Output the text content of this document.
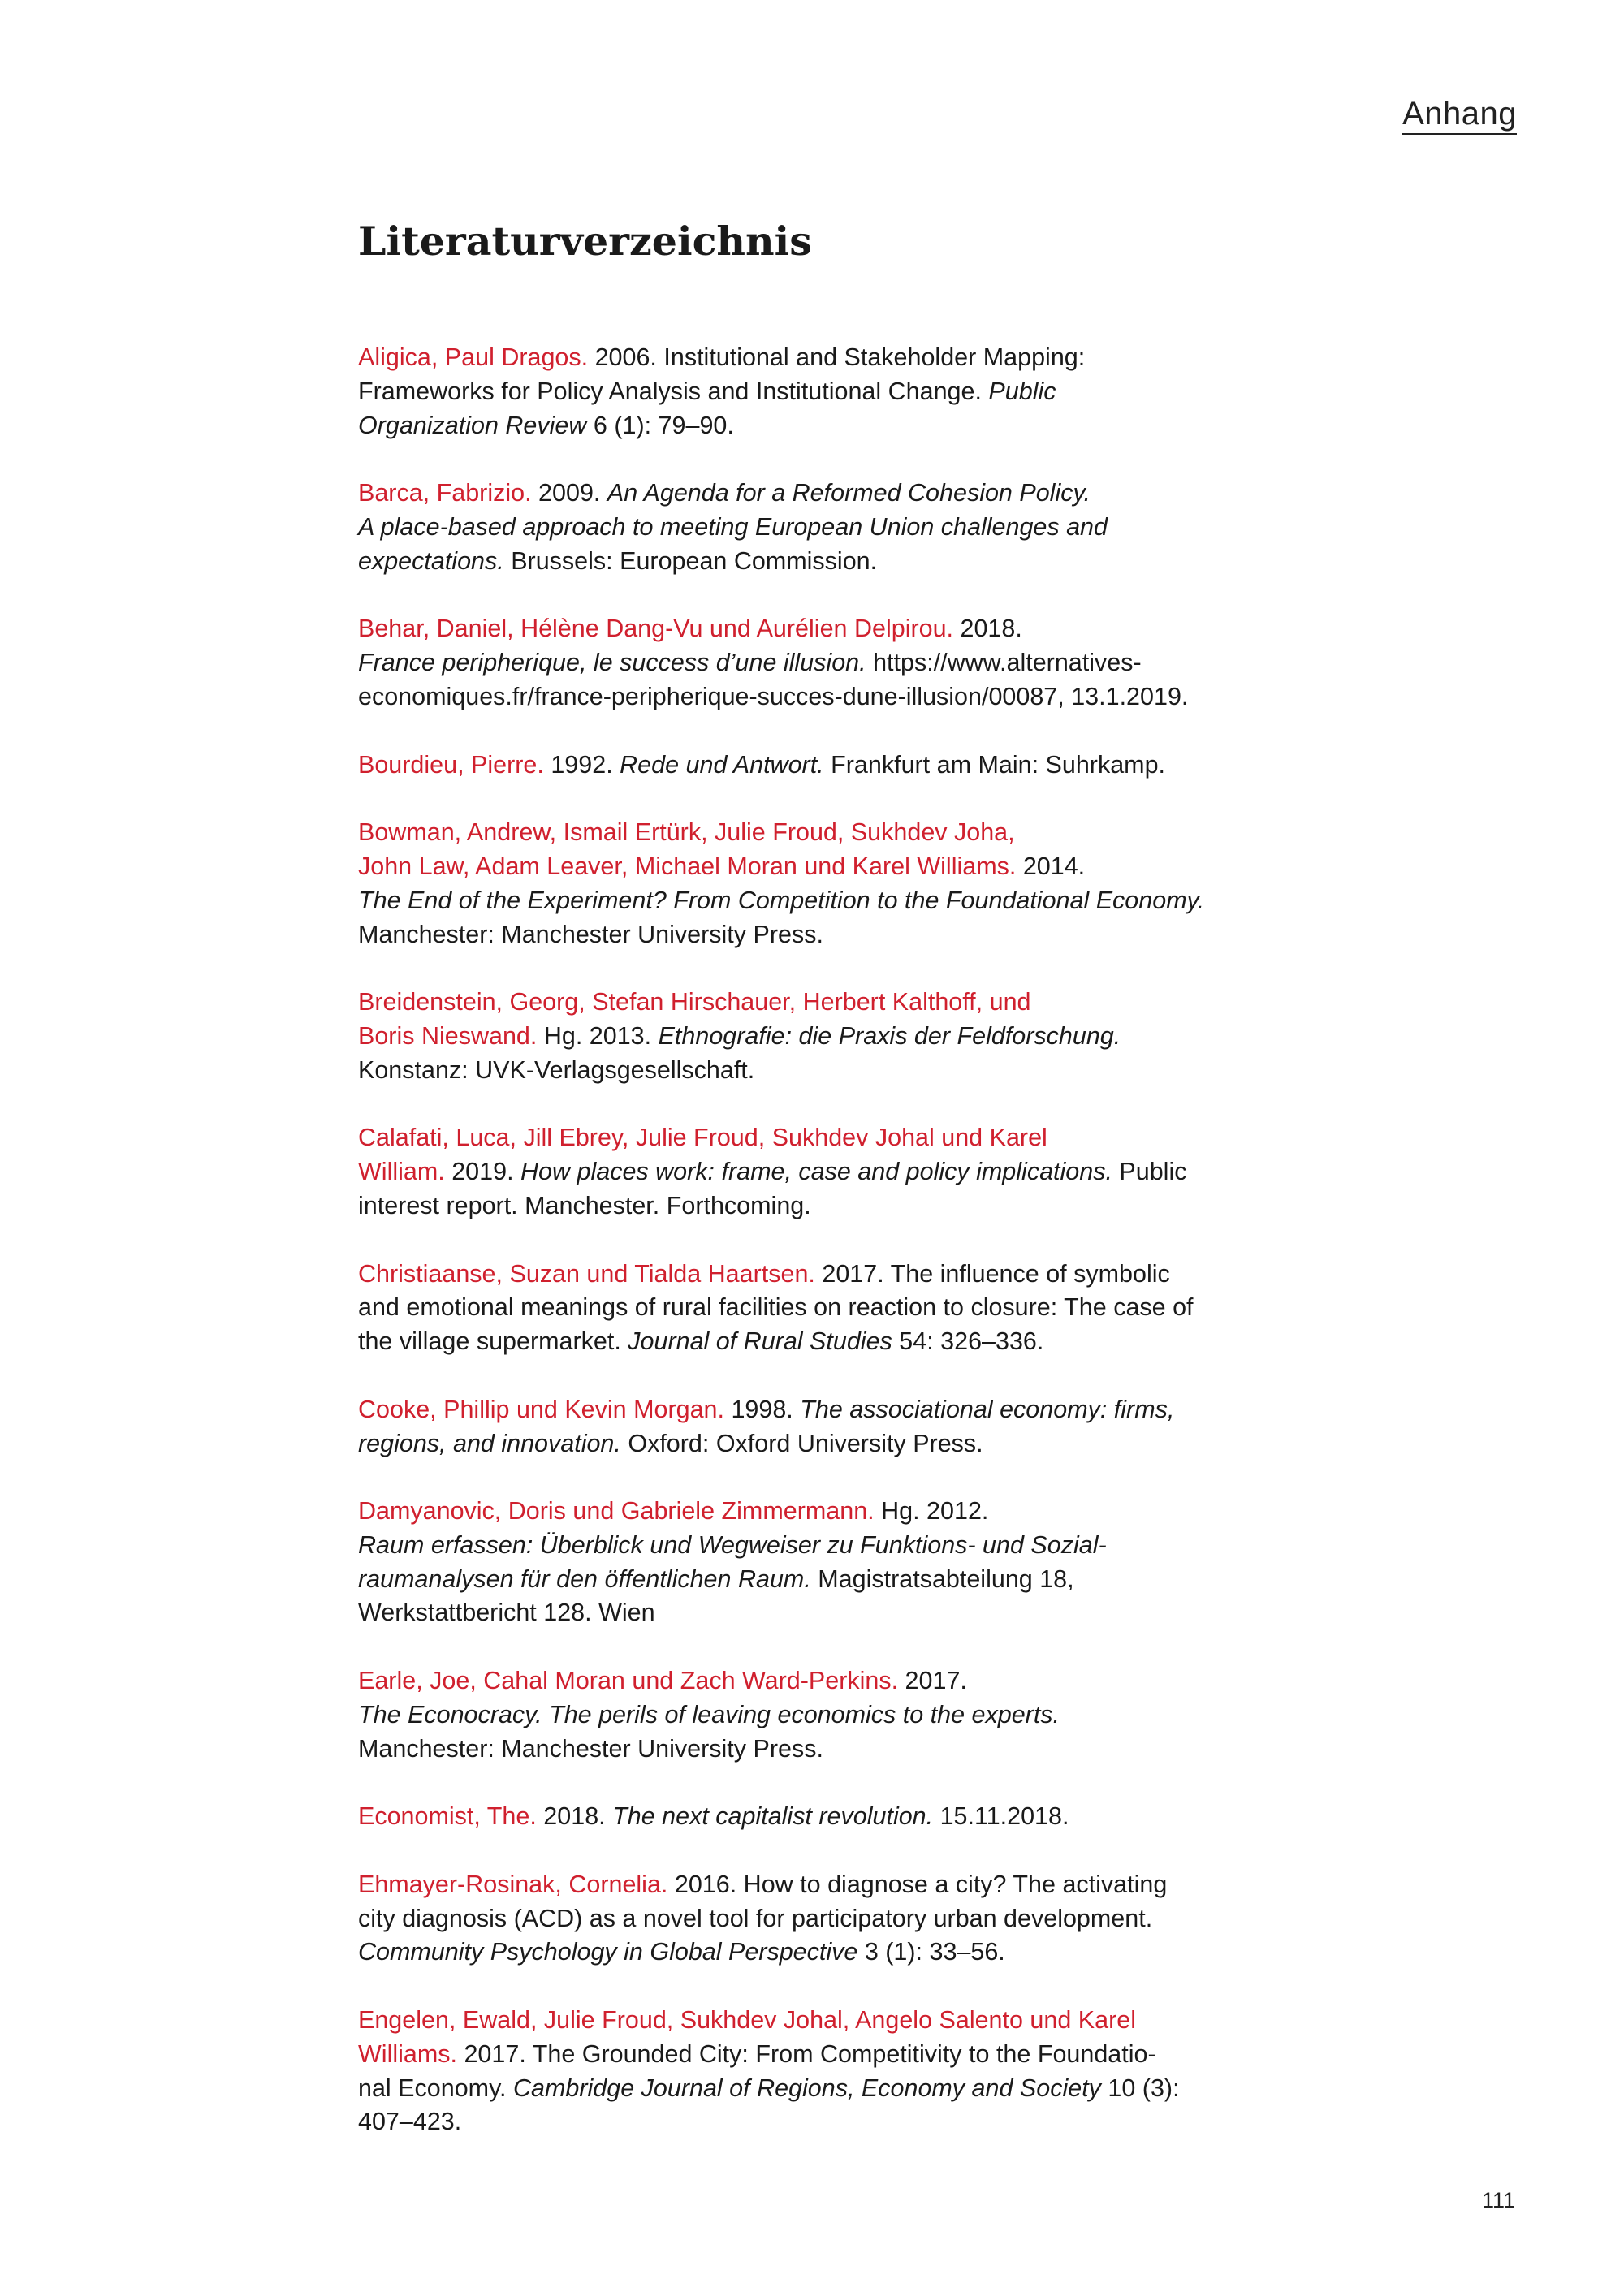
Anhang
Literaturverzeichnis

Aligica, Paul Dragos. 2006. Institutional and Stakeholder Mapping:
Frameworks for Policy Analysis and Institutional Change. Public
Organization Review 6 (1): 79–90.

Barca, Fabrizio. 2009. An Agenda for a Reformed Cohesion Policy.
A place-based approach to meeting European Union challenges and
expectations. Brussels: European Commission.

Behar, Daniel, Hélène Dang-Vu und Aurélien Delpirou. 2018.
France peripherique, le success d’une illusion. https://www.alternatives-
economiques.fr/france-peripherique-succes-dune-illusion/00087, 13.1.2019.

Bourdieu, Pierre. 1992. Rede und Antwort. Frankfurt am Main: Suhrkamp.

Bowman, Andrew, Ismail Ertürk, Julie Froud, Sukhdev Joha,
John Law, Adam Leaver, Michael Moran und Karel Williams. 2014.
The End of the Experiment? From Competition to the Foundational Economy.
Manchester: Manchester University Press.

Breidenstein, Georg, Stefan Hirschauer, Herbert Kalthoff, und
Boris Nieswand. Hg. 2013. Ethnografie: die Praxis der Feldforschung.
Konstanz: UVK-Verlagsgesellschaft.

Calafati, Luca, Jill Ebrey, Julie Froud, Sukhdev Johal und Karel
William. 2019. How places work: frame, case and policy implications. Public
interest report. Manchester. Forthcoming.

Christiaanse, Suzan und Tialda Haartsen. 2017. The influence of symbolic
and emotional meanings of rural facilities on reaction to closure: The case of
the village supermarket. Journal of Rural Studies 54: 326–336.

Cooke, Phillip und Kevin Morgan. 1998. The associational economy: firms,
regions, and innovation. Oxford: Oxford University Press.

Damyanovic, Doris und Gabriele Zimmermann. Hg. 2012.
Raum erfassen: Überblick und Wegweiser zu Funktions- und Sozial-
raumanalysen für den öffentlichen Raum. Magistratsabteilung 18,
Werkstattbericht 128. Wien

Earle, Joe, Cahal Moran und Zach Ward-Perkins. 2017.
The Econocracy. The perils of leaving economics to the experts.
Manchester: Manchester University Press.

Economist, The. 2018. The next capitalist revolution. 15.11.2018.

Ehmayer-Rosinak, Cornelia. 2016. How to diagnose a city? The activating
city diagnosis (ACD) as a novel tool for participatory urban development.
Community Psychology in Global Perspective 3 (1): 33–56.

Engelen, Ewald, Julie Froud, Sukhdev Johal, Angelo Salento und Karel
Williams. 2017. The Grounded City: From Competitivity to the Foundatio-
nal Economy. Cambridge Journal of Regions, Economy and Society 10 (3):
407–423.

111
